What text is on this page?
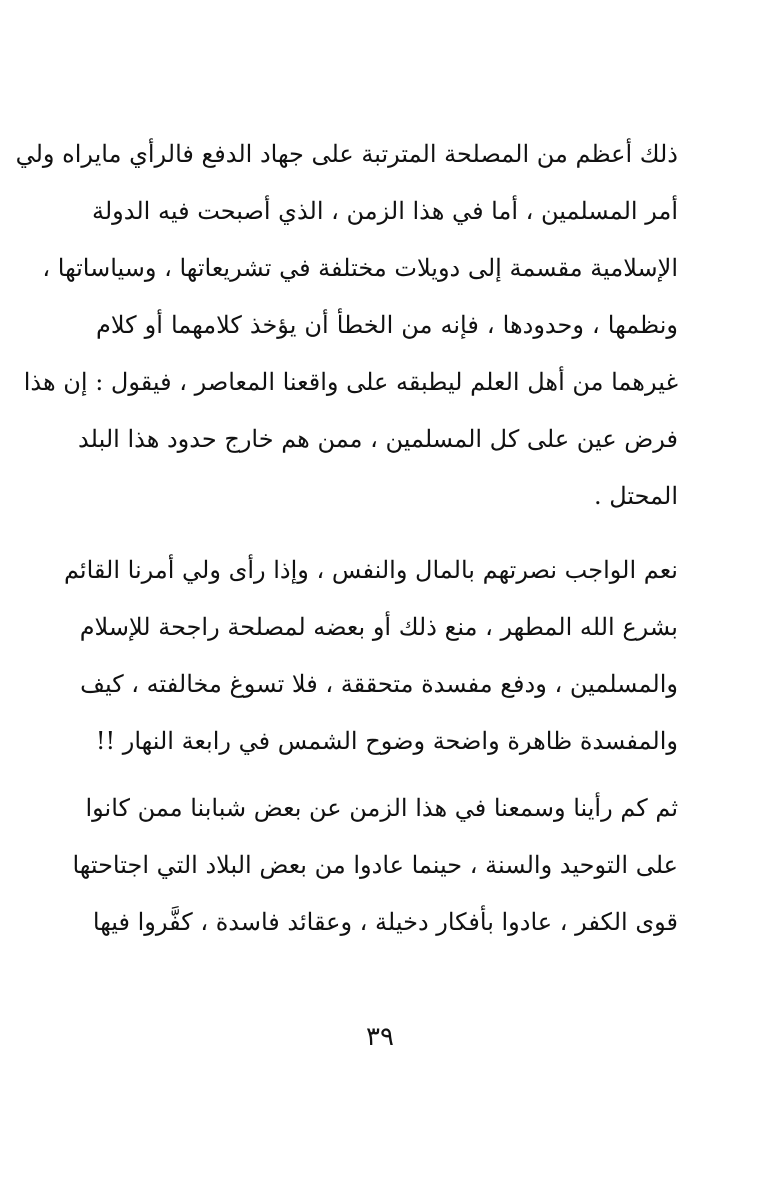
ذلك أعظم من المصلحة المترتبة على جهاد الدفع فالرأي مايراه ولي
أمر المسلمين ، أما في هذا الزمن ، الذي أصبحت فيه الدولة
الإسلامية مقسمة إلى دويلات مختلفة في تشريعاتها ، وسياساتها ،
ونظمها ، وحدودها ، فإنه من الخطأ أن يؤخذ كلامهما أو كلام
غيرهما من أهل العلم ليطبقه على واقعنا المعاصر ، فيقول : إن هذا
فرض عين على كل المسلمين ، ممن هم خارج حدود هذا البلد
المحتل .
نعم الواجب نصرتهم بالمال والنفس ، وإذا رأى ولي أمرنا القائم
بشرع الله المطهر ، منع ذلك أو بعضه لمصلحة راجحة للإسلام
والمسلمين ، ودفع مفسدة متحققة ، فلا تسوغ مخالفته ، كيف
والمفسدة ظاهرة واضحة وضوح الشمس في رابعة النهار !!
ثم كم رأينا وسمعنا في هذا الزمن عن بعض شبابنا ممن كانوا
على التوحيد والسنة ، حينما عادوا من بعض البلاد التي اجتاحتها
قوى الكفر ، عادوا بأفكار دخيلة ، وعقائد فاسدة ، كفَّروا فيها
٣٩
